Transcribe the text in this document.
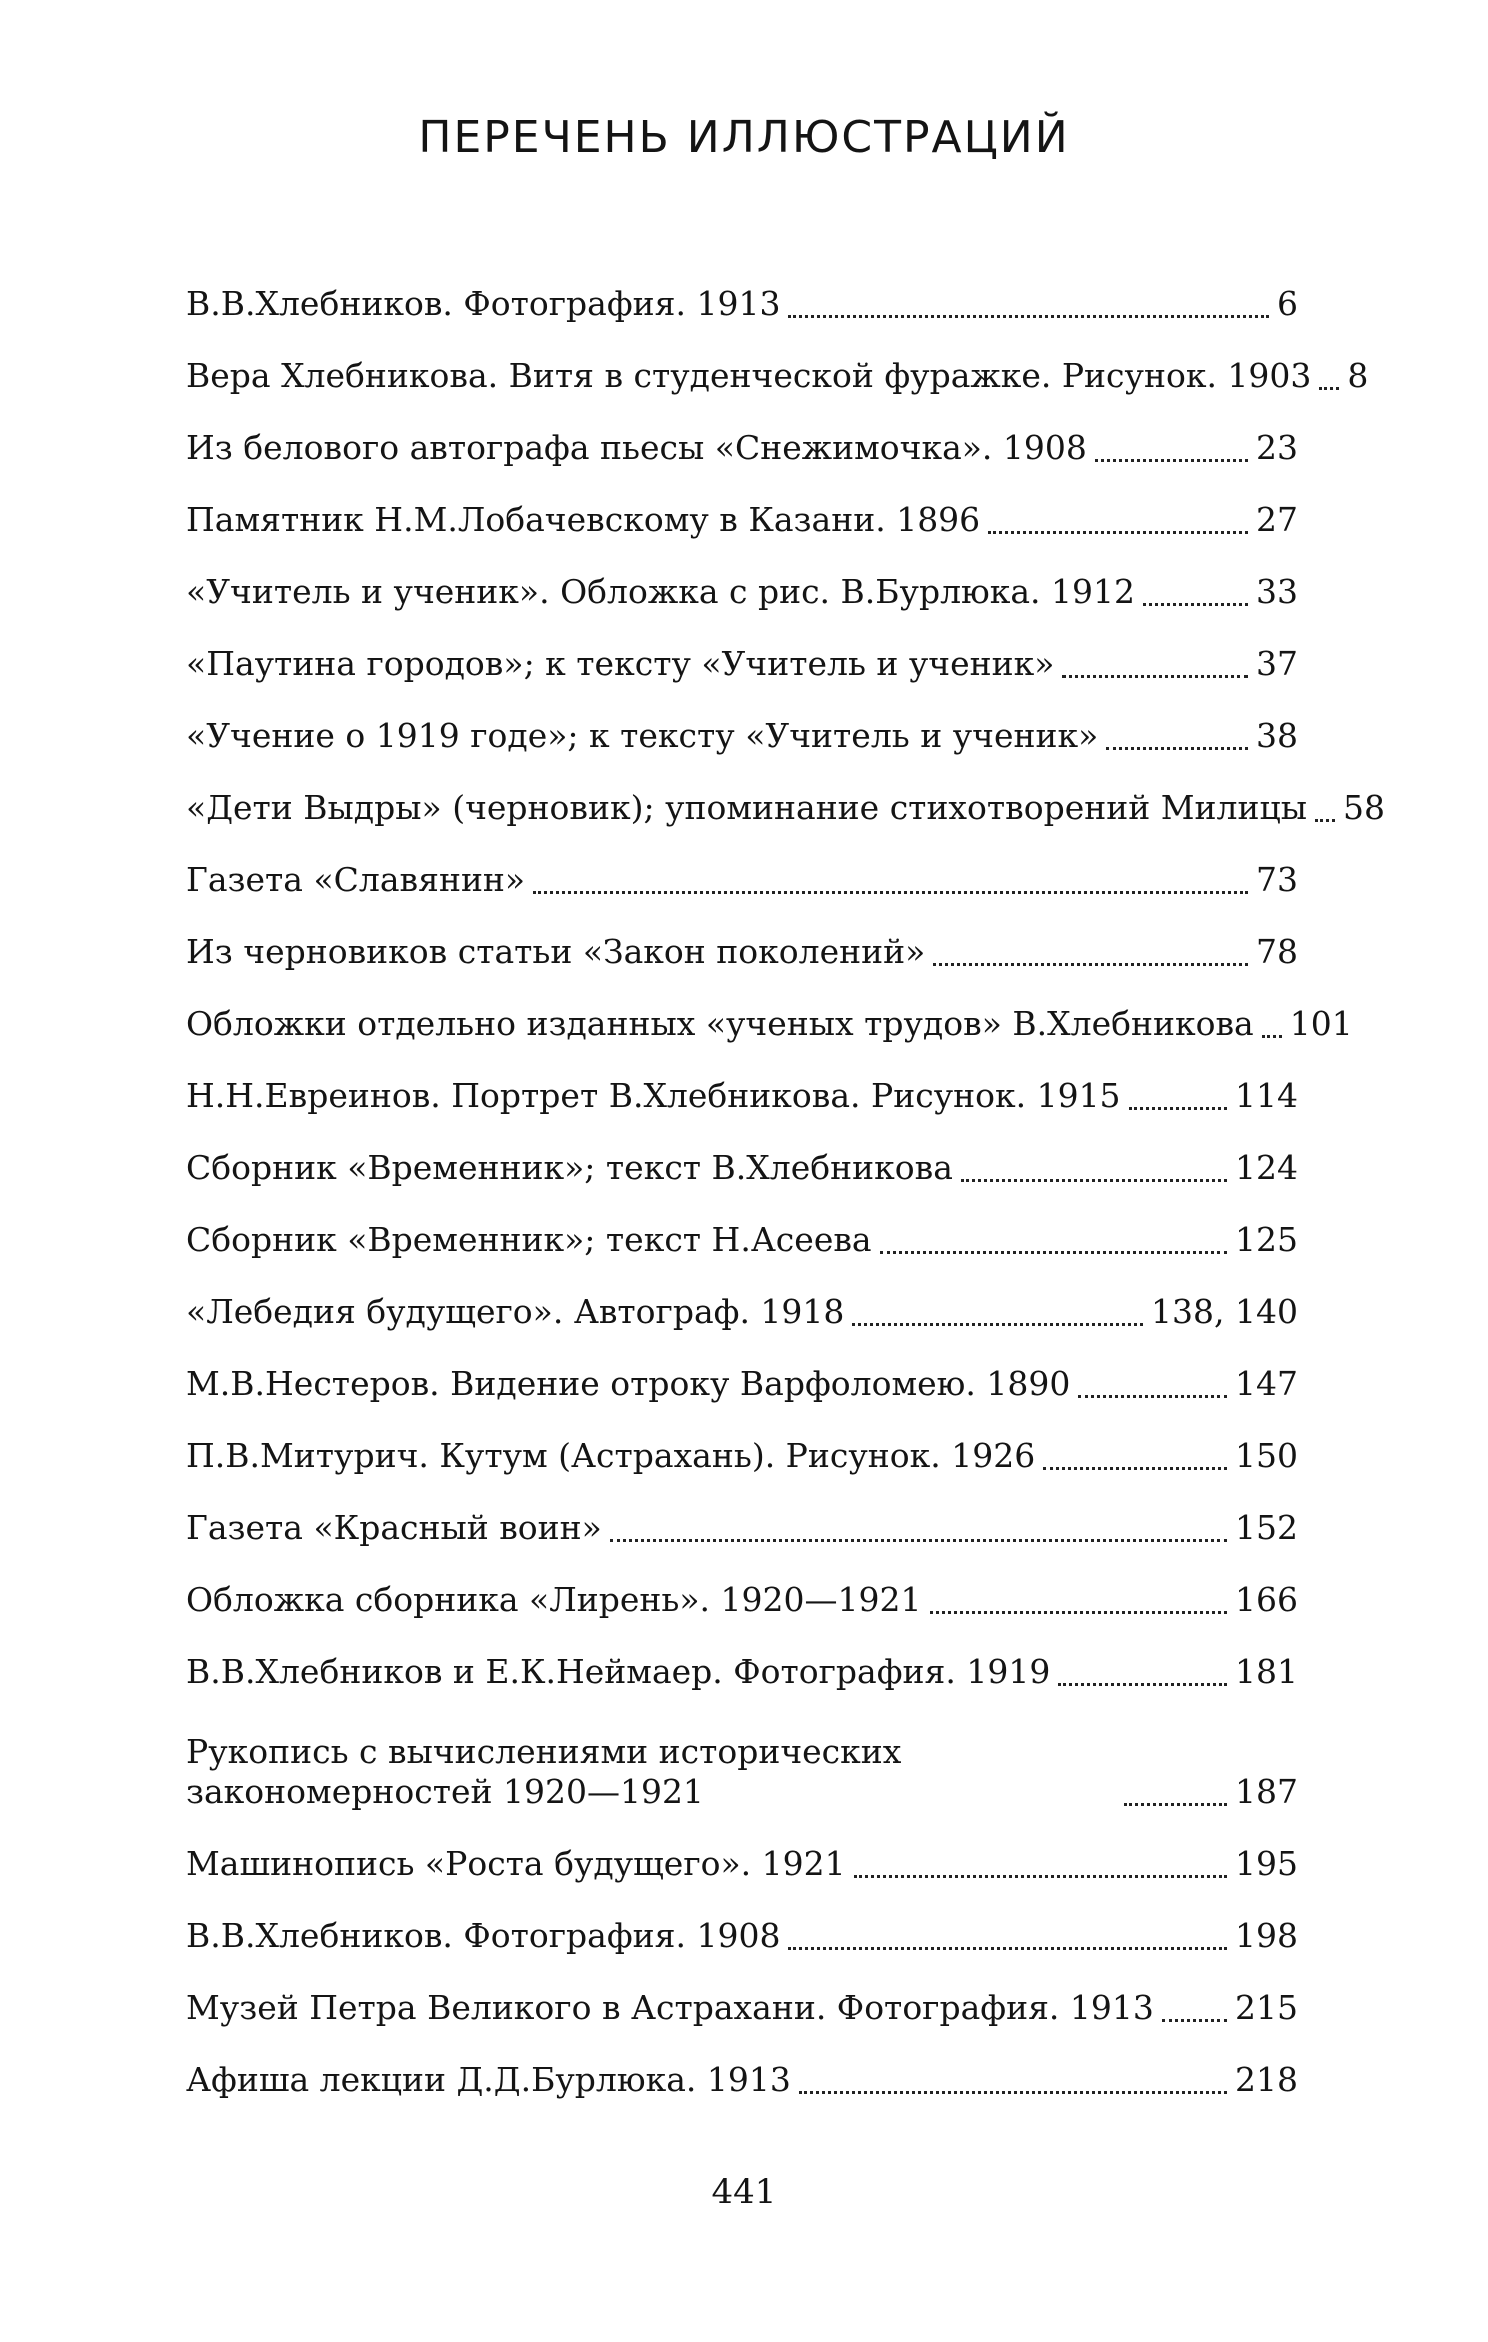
ПЕРЕЧЕНЬ ИЛЛЮСТРАЦИЙ
В.В.Хлебников. Фотография. 1913	6
Вера Хлебникова. Витя в студенческой фуражке. Рисунок. 1903 8
Из белового автографа пьесы «Снежимочка». 1908	23
Памятник Н.М.Лобачевскому в Казани. 1896	27
«Учитель и ученик». Обложка с рис. В.Бурлюка. 1912	33
«Паутина городов»; к тексту «Учитель и ученик»	37
«Учение о 1919 годе»; к тексту «Учитель и ученик»	38
«Дети Выдры» (черновик); упоминание стихотворений Милицы 58
Газета «Славянин»	73
Из черновиков статьи «Закон поколений»	78
Обложки отдельно изданных «ученых трудов» В.Хлебникова 101
Н.Н.Евреинов. Портрет В.Хлебникова. Рисунок. 1915	114
Сборник «Временник»; текст В.Хлебникова	124
Сборник «Временник»; текст Н.Асеева	125
«Лебедия будущего». Автограф. 1918	138, 140
М.В.Нестеров. Видение отроку Варфоломею. 1890	147
П.В.Митурич. Кутум (Астрахань). Рисунок. 1926	150
Газета «Красный воин»	152
Обложка сборника «Лирень». 1920—1921	166
В.В.Хлебников и Е.К.Неймаер. Фотография. 1919	181
Рукопись с вычислениями исторических закономерностей 1920—1921	187
Машинопись «Роста будущего». 1921	195
В.В.Хлебников. Фотография. 1908	198
Музей Петра Великого в Астрахани. Фотография. 1913 215
Афиша лекции Д.Д.Бурлюка. 1913	218
441
